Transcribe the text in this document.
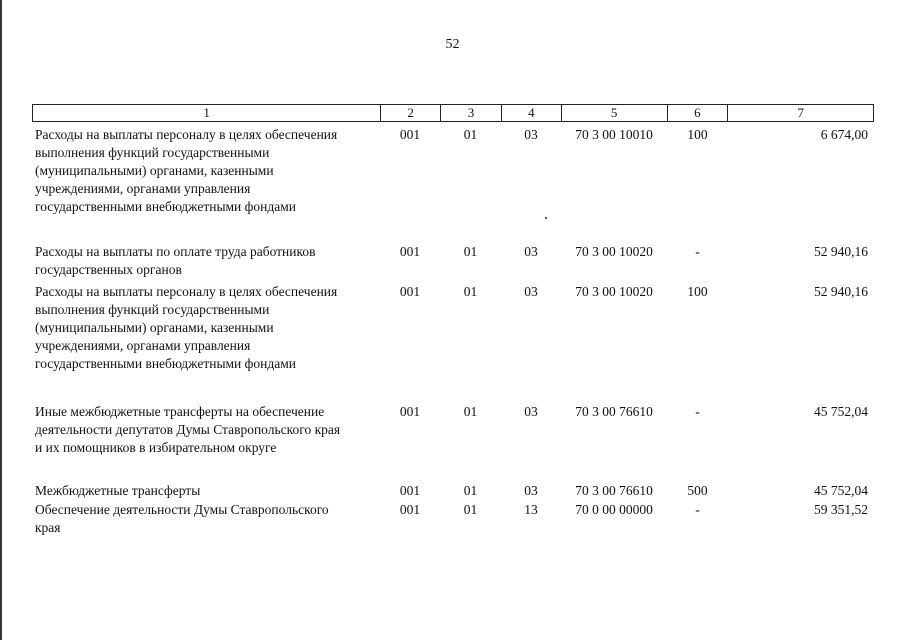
52
1	2	3	4	5	6	7
Расходы на выплаты персоналу в целях обеспечения
выполнения функций государственными
(муниципальными) органами, казенными
учреждениями, органами управления
государственными внебюджетными фондами
001	01	03	70 3 00 10010	100	6 674,00
Расходы на выплаты по оплате труда работников
государственных органов
001	01	03	70 3 00 10020	-	52 940,16
Расходы на выплаты персоналу в целях обеспечения
выполнения функций государственными
(муниципальными) органами, казенными
учреждениями, органами управления
государственными внебюджетными фондами
001	01	03	70 3 00 10020	100	52 940,16
Иные межбюджетные трансферты на обеспечение
деятельности депутатов Думы Ставропольского края
и их помощников в избирательном округе
001	01	03	70 3 00 76610	-	45 752,04
Межбюджетные трансферты	001	01	03	70 3 00 76610	500	45 752,04
Обеспечение деятельности Думы Ставропольского
края
001	01	13	70 0 00 00000	-	59 351,52
